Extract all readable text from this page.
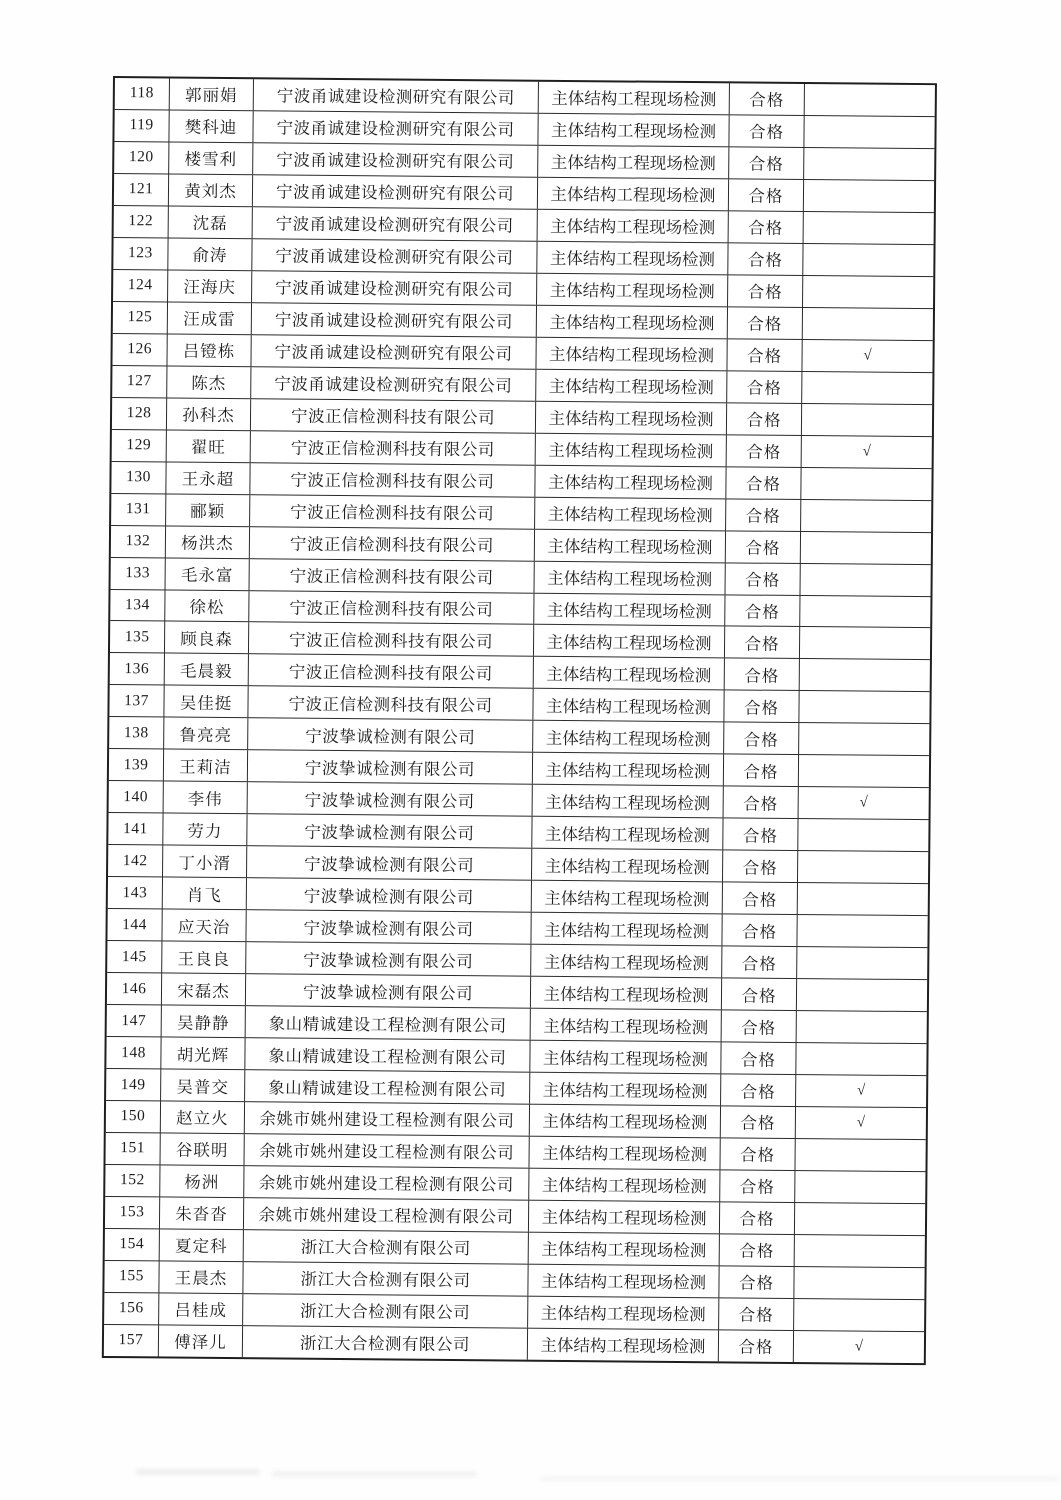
118	郭丽娟	宁波甬诚建设检测研究有限公司	主体结构工程现场检测	合格
119	樊科迪	宁波甬诚建设检测研究有限公司	主体结构工程现场检测	合格
120	楼雪利	宁波甬诚建设检测研究有限公司	主体结构工程现场检测	合格
121	黄刘杰	宁波甬诚建设检测研究有限公司	主体结构工程现场检测	合格
122	沈磊	宁波甬诚建设检测研究有限公司	主体结构工程现场检测	合格
123	俞涛	宁波甬诚建设检测研究有限公司	主体结构工程现场检测	合格
124	汪海庆	宁波甬诚建设检测研究有限公司	主体结构工程现场检测	合格
125	汪成雷	宁波甬诚建设检测研究有限公司	主体结构工程现场检测	合格
126	吕镫栋	宁波甬诚建设检测研究有限公司	主体结构工程现场检测	合格	√
127	陈杰	宁波甬诚建设检测研究有限公司	主体结构工程现场检测	合格
128	孙科杰	宁波正信检测科技有限公司	主体结构工程现场检测	合格
129	翟旺	宁波正信检测科技有限公司	主体结构工程现场检测	合格	√
130	王永超	宁波正信检测科技有限公司	主体结构工程现场检测	合格
131	郦颖	宁波正信检测科技有限公司	主体结构工程现场检测	合格
132	杨洪杰	宁波正信检测科技有限公司	主体结构工程现场检测	合格
133	毛永富	宁波正信检测科技有限公司	主体结构工程现场检测	合格
134	徐松	宁波正信检测科技有限公司	主体结构工程现场检测	合格
135	顾良森	宁波正信检测科技有限公司	主体结构工程现场检测	合格
136	毛晨毅	宁波正信检测科技有限公司	主体结构工程现场检测	合格
137	吴佳挺	宁波正信检测科技有限公司	主体结构工程现场检测	合格
138	鲁亮亮	宁波挚诚检测有限公司	主体结构工程现场检测	合格
139	王莉洁	宁波挚诚检测有限公司	主体结构工程现场检测	合格
140	李伟	宁波挚诚检测有限公司	主体结构工程现场检测	合格	√
141	劳力	宁波挚诚检测有限公司	主体结构工程现场检测	合格
142	丁小湑	宁波挚诚检测有限公司	主体结构工程现场检测	合格
143	肖飞	宁波挚诚检测有限公司	主体结构工程现场检测	合格
144	应天治	宁波挚诚检测有限公司	主体结构工程现场检测	合格
145	王良良	宁波挚诚检测有限公司	主体结构工程现场检测	合格
146	宋磊杰	宁波挚诚检测有限公司	主体结构工程现场检测	合格
147	吴静静	象山精诚建设工程检测有限公司	主体结构工程现场检测	合格
148	胡光辉	象山精诚建设工程检测有限公司	主体结构工程现场检测	合格
149	吴普交	象山精诚建设工程检测有限公司	主体结构工程现场检测	合格	√
150	赵立火	余姚市姚州建设工程检测有限公司	主体结构工程现场检测	合格	√
151	谷联明	余姚市姚州建设工程检测有限公司	主体结构工程现场检测	合格
152	杨洲	余姚市姚州建设工程检测有限公司	主体结构工程现场检测	合格
153	朱沓沓	余姚市姚州建设工程检测有限公司	主体结构工程现场检测	合格
154	夏定科	浙江大合检测有限公司	主体结构工程现场检测	合格
155	王晨杰	浙江大合检测有限公司	主体结构工程现场检测	合格
156	吕桂成	浙江大合检测有限公司	主体结构工程现场检测	合格
157	傅泽儿	浙江大合检测有限公司	主体结构工程现场检测	合格	√
